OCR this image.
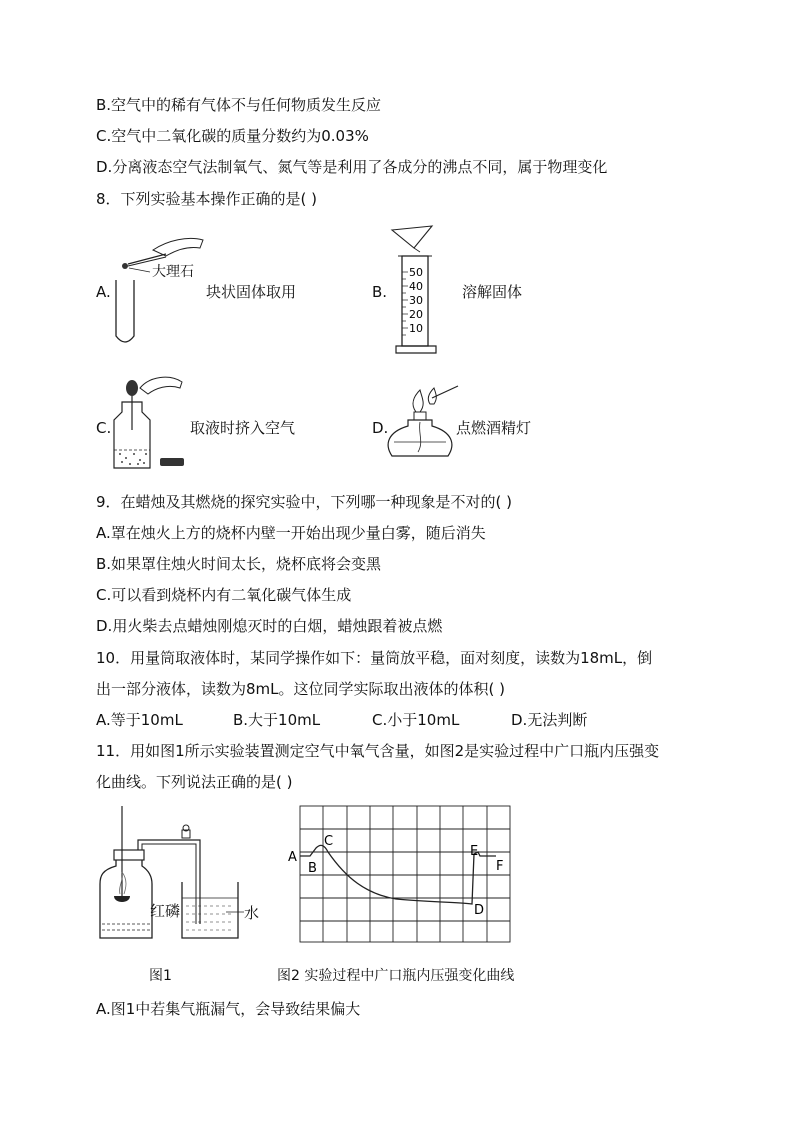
B.空气中的稀有气体不与任何物质发生反应
C.空气中二氧化碳的质量分数约为0.03%
D.分离液态空气法制氧气、氮气等是利用了各成分的沸点不同，属于物理变化
8．下列实验基本操作正确的是( )
A.
大理石
块状固体取用	B.
50
40
30
20
10
溶解固体
C.	取液时挤入空气	D.	点燃酒精灯
9．在蜡烛及其燃烧的探究实验中，下列哪一种现象是不对的( )
A.罩在烛火上方的烧杯内壁一开始出现少量白雾，随后消失
B.如果罩住烛火时间太长，烧杯底将会变黑
C.可以看到烧杯内有二氧化碳气体生成
D.用火柴去点蜡烛刚熄灭时的白烟，蜡烛跟着被点燃
10．用量筒取液体时，某同学操作如下：量筒放平稳，面对刻度，读数为18mL，倒
出一部分液体，读数为8mL。这位同学实际取出液体的体积( )
A.等于10mL	B.大于10mL	C.小于10mL	D.无法判断
11．用如图1所示实验装置测定空气中氧气含量，如图2是实验过程中广口瓶内压强变
化曲线。下列说法正确的是( )
红磷	水
A
B
C
D
E
F
图1	图2 实验过程中广口瓶内压强变化曲线
A.图1中若集气瓶漏气，会导致结果偏大
